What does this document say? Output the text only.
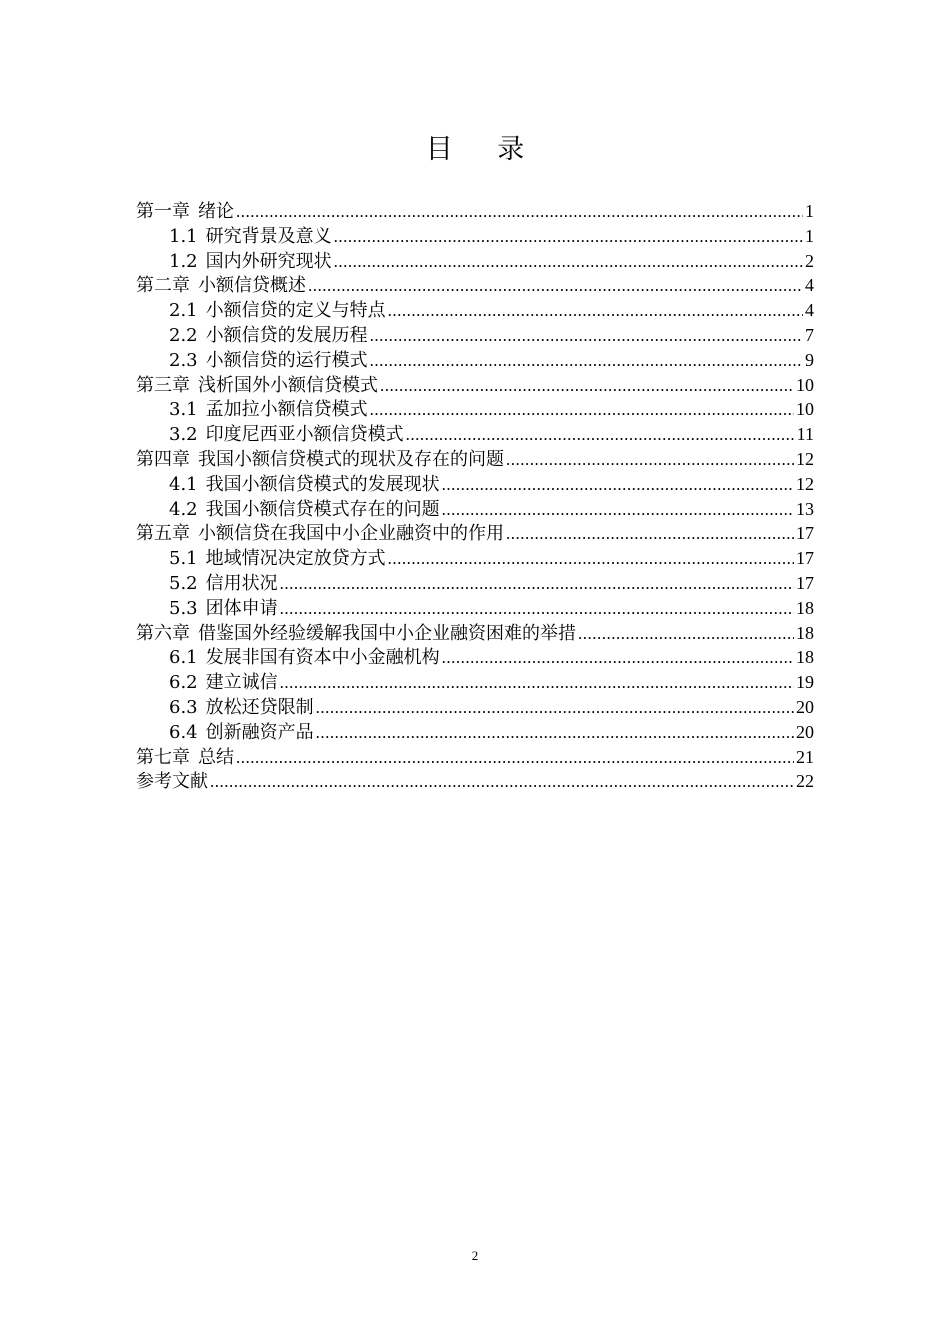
目 录
第一章 绪论 .....	1
1.1 研究背景及意义 .....	1
1.2 国内外研究现状 .....	2
第二章 小额信贷概述 .....	4
2.1 小额信贷的定义与特点 .....	4
2.2 小额信贷的发展历程 .....	7
2.3 小额信贷的运行模式 .....	9
第三章 浅析国外小额信贷模式 .....	10
3.1 孟加拉小额信贷模式 .....	10
3.2 印度尼西亚小额信贷模式 .....	11
第四章 我国小额信贷模式的现状及存在的问题 .....	12
4.1 我国小额信贷模式的发展现状 .....	12
4.2 我国小额信贷模式存在的问题 .....	13
第五章 小额信贷在我国中小企业融资中的作用 .....	17
5.1 地域情况决定放贷方式 .....	17
5.2 信用状况 .....	17
5.3 团体申请 .....	18
第六章 借鉴国外经验缓解我国中小企业融资困难的举措 .....	18
6.1 发展非国有资本中小金融机构 .....	18
6.2 建立诚信 .....	19
6.3 放松还贷限制 .....	20
6.4 创新融资产品 .....	20
第七章 总结 .....	21
参考文献 .....	22
2
